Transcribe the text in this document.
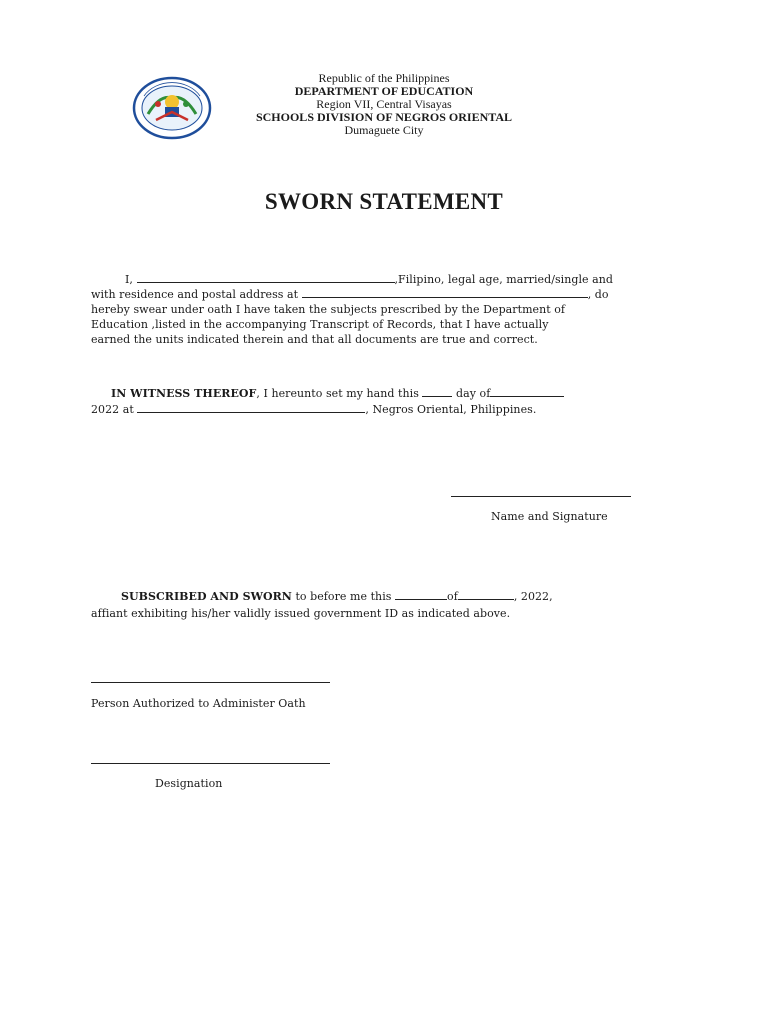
Republic of the Philippines
DEPARTMENT OF EDUCATION
Region VII, Central Visayas
SCHOOLS DIVISION OF NEGROS ORIENTAL
Dumaguete City
SWORN STATEMENT
I,	,Filipino, legal age, married/single and
with residence and postal address at	, do
hereby swear under oath I have taken the subjects prescribed by the Department of
Education ,listed in the accompanying Transcript of Records, that I have actually
earned the units indicated therein and that all documents are true and correct.
IN WITNESS THEREOF, I hereunto set my hand this	day of
2022 at	, Negros Oriental, Philippines.
Name and Signature
SUBSCRIBED AND SWORN to before me this	of	, 2022,
affiant exhibiting his/her validly issued government ID as indicated above.
Person Authorized to Administer Oath
Designation
